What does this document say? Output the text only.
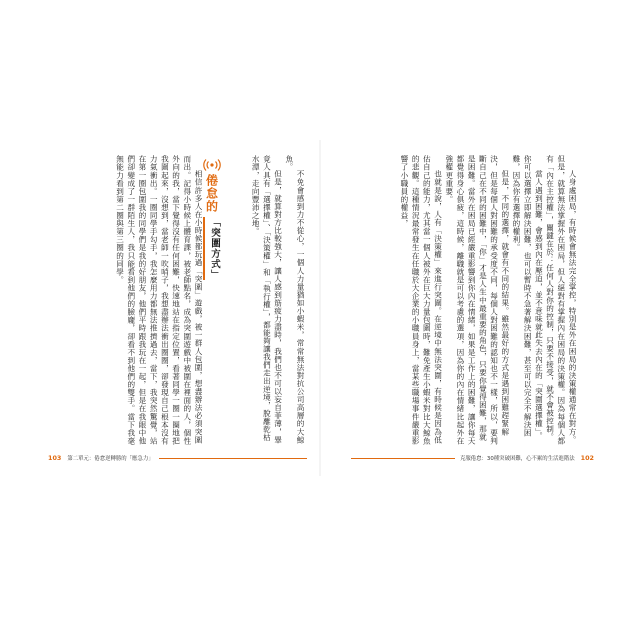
不免會感到力不從心，一個人力量猶如小蝦米，常常無法對抗公司高層的大鯨魚。

但是，就算對方比較強大，讓人感到筋疲力盡時，我們也不可以妄自菲薄，畢竟人具有「選擇權」、「決策權」和「執行權」，都能夠讓我們走出逆境，脫離乾枯水潭，走向豐沛之地。

倦怠的
「突圍方式」

相信許多人在小時候都玩過「突圍」遊戲，被一群人包圍，想盡辦法必須突圍而出。記得小時候上體育課，被老師點名，成為突圍遊戲中被圍在裡面的人，個性外向的我，當下覺得沒有任何困難，快速地站在指定位置，看著同學一圈一圈地把我圍起來，沒想到，當老師一吹哨子，我想盡辦法衝出圈圈，卻發現自己根本沒有力氣衝出。一圈同學手勾手，我怎麼用力都無法推擠過去，當下，我突然驚覺，站在第一圈包圍我的同學們是我的好朋友，他們平時跟我玩在一起，但是在我眼中他們卻變成了一群陌生人，我只能看到他們的臉龐，卻看不到他們的雙手。當下我毫無能力看到第二圈與第三圈的同學。

103 第二單元：倦怠逆轉勝的「應急力」

人身處困局，有時候會無法完全掌控，特別是外在困局的決策權通常在對方。但是，就算無法掌握外在困局，但人絕對有掌握內在困局的決策權。因為每個人都有「內在主控權」，關鍵在於：任何人對你的控制，只要不接受，就不會被控制。

當人遇到困難，會感到內在壓迫，並不意味就此失去內在的「突圍選擇權」。你可以選擇立即解決困難，也可以暫時不急著解決困難，甚至可以完全不解決困難，因為你有選擇的權利。

但是，不同的選擇，就會有不同的結果。雖然最好的方式是遇到困難趕緊解決，但是每個人對困難的承受度不同，每個人對困難的認知也不一樣，所以，要判斷自己在不同的困難中，「你」才是人生中最重要的角色，只要你覺得困難，那就是困難。當外在困局已經嚴重影響到你內在情緒，如果是工作上的困難，讓你每天都覺得身心俱疲，這時候，離職就是可以考慮的選項，因為你的內在情緒比起外在強權更重要。

也就是說，人有「決策權」來進行突圍。在逆境中無法突圍，有時候是因為低估自己的能力，尤其當一個人被外在巨大力量包圍時，難免產生小蝦米對比大鯨魚的悲觀。這種情況最常發生在任職於大企業的小職員身上，當某些職場事件嚴重影響了小職員的權益，

克服倦怠：30種突破困難，心不累的生活進階法 102
